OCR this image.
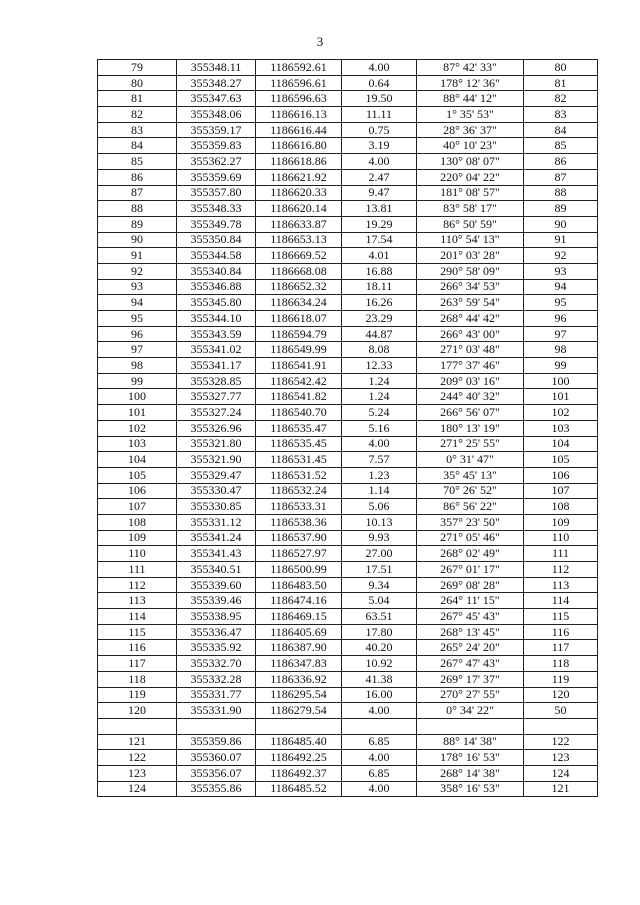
3
79	355348.11	1186592.61	4.00	87° 42' 33"	80
80	355348.27	1186596.61	0.64	178° 12' 36"	81
81	355347.63	1186596.63	19.50	88° 44' 12"	82
82	355348.06	1186616.13	11.11	1° 35' 53"	83
83	355359.17	1186616.44	0.75	28° 36' 37"	84
84	355359.83	1186616.80	3.19	40° 10' 23"	85
85	355362.27	1186618.86	4.00	130° 08' 07"	86
86	355359.69	1186621.92	2.47	220° 04' 22"	87
87	355357.80	1186620.33	9.47	181° 08' 57"	88
88	355348.33	1186620.14	13.81	83° 58' 17"	89
89	355349.78	1186633.87	19.29	86° 50' 59"	90
90	355350.84	1186653.13	17.54	110° 54' 13"	91
91	355344.58	1186669.52	4.01	201° 03' 28"	92
92	355340.84	1186668.08	16.88	290° 58' 09"	93
93	355346.88	1186652.32	18.11	266° 34' 53"	94
94	355345.80	1186634.24	16.26	263° 59' 54"	95
95	355344.10	1186618.07	23.29	268° 44' 42"	96
96	355343.59	1186594.79	44.87	266° 43' 00"	97
97	355341.02	1186549.99	8.08	271° 03' 48"	98
98	355341.17	1186541.91	12.33	177° 37' 46"	99
99	355328.85	1186542.42	1.24	209° 03' 16"	100
100	355327.77	1186541.82	1.24	244° 40' 32"	101
101	355327.24	1186540.70	5.24	266° 56' 07"	102
102	355326.96	1186535.47	5.16	180° 13' 19"	103
103	355321.80	1186535.45	4.00	271° 25' 55"	104
104	355321.90	1186531.45	7.57	0° 31' 47"	105
105	355329.47	1186531.52	1.23	35° 45' 13"	106
106	355330.47	1186532.24	1.14	70° 26' 52"	107
107	355330.85	1186533.31	5.06	86° 56' 22"	108
108	355331.12	1186538.36	10.13	357° 23' 50"	109
109	355341.24	1186537.90	9.93	271° 05' 46"	110
110	355341.43	1186527.97	27.00	268° 02' 49"	111
111	355340.51	1186500.99	17.51	267° 01' 17"	112
112	355339.60	1186483.50	9.34	269° 08' 28"	113
113	355339.46	1186474.16	5.04	264° 11' 15"	114
114	355338.95	1186469.15	63.51	267° 45' 43"	115
115	355336.47	1186405.69	17.80	268° 13' 45"	116
116	355335.92	1186387.90	40.20	265° 24' 20"	117
117	355332.70	1186347.83	10.92	267° 47' 43"	118
118	355332.28	1186336.92	41.38	269° 17' 37"	119
119	355331.77	1186295.54	16.00	270° 27' 55"	120
120	355331.90	1186279.54	4.00	0° 34' 22"	50

121	355359.86	1186485.40	6.85	88° 14' 38"	122
122	355360.07	1186492.25	4.00	178° 16' 53"	123
123	355356.07	1186492.37	6.85	268° 14' 38"	124
124	355355.86	1186485.52	4.00	358° 16' 53"	121
